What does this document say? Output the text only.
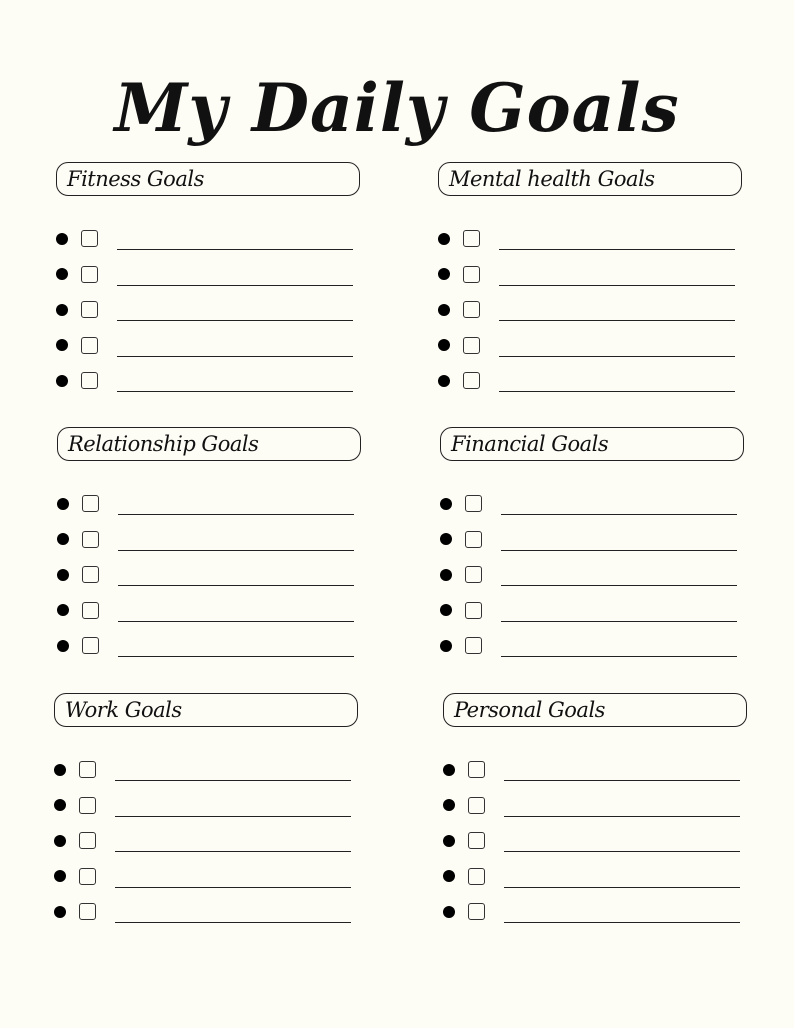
My Daily Goals
Fitness Goals	Mental health Goals
Relationship Goals	Financial Goals
Work Goals	Personal Goals
